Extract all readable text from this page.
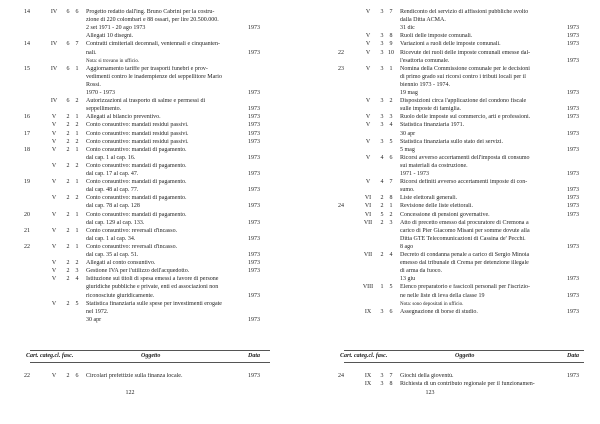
14	IV	6	6	Progetto redatto dall'ing. Bruno Cabrini per la costru-
zione di 220 colombari e 88 ossari, per lire 20.500.000.
2 set 1971 - 20 ago 1973	1973
Allegati 10 disegni.
14	IV	6	7	Contratti cimiteriali decennali, ventennali e cinquanten-
nali.	1973
Nota: si trovano in ufficio.
15	IV	6	1	Aggiornamento tariffe per trasporti funebri e prov-
vedimenti contro le inadempienze del seppellitore Mario
Rossi.
1970 - 1973	1973
IV	6	2	Autorizzazioni al trasporto di salme e permessi di
seppellimento.	1973
16	V	2	1	Allegati al bilancio preventivo.	1973
V	2	2	Conto consuntivo: mandati residui passivi.	1973
17	V	2	1	Conto consuntivo: mandati residui passivi.	1973
V	2	2	Conto consuntivo: mandati residui passivi.	1973
18	V	2	1	Conto consuntivo: mandati di pagamento.
dal cap. 1 al cap. 16.	1973
V	2	2	Conto consuntivo: mandati di pagamento.
dal cap. 17 al cap. 47.	1973
19	V	2	1	Conto consuntivo: mandati di pagamento.
dal cap. 48 al cap. 77.	1973
V	2	2	Conto consuntivo: mandati di pagamento.
dal cap. 78 al cap. 128	1973
20	V	2	1	Conto consuntivo: mandati di pagamento.
dal cap. 129 al cap. 133.	1973
21	V	2	1	Conto consuntivo: reversali d'incasso.
dal cap. 1 al cap. 34.	1973
22	V	2	1	Conto consuntivo: reversali d'incasso.
dal cap. 35 al cap. 51.	1973
V	2	2	Allegati al conto consuntivo.	1973
V	2	3	Gestione IVA per l'utilizzo dell'acquedotto.	1973
V	2	4	Istituzione sui titoli di spesa emessi a favore di persone
giuridiche pubbliche e private, enti ed associazioni non
riconosciute giuridicamente.	1973
V	2	5	Statistica finanziaria sulle spese per investimenti erogate
nel 1972.
30 apr	1973
Cart. categ.cl. fasc.	Oggetto	Data
22	V	2	6	Circolari prefettizie sulla finanza locale.	1973
122
V	3	7	Rendiconto del servizio di affissioni pubbliche svolto
dalla Ditta ACMA.
31 dic	1973
V	3	8	Ruoli delle imposte comunali.	1973
V	3	9	Variazioni a ruoli delle imposte comunali.	1973
22	V	3 10	Ricevute dei ruoli delle imposte comunali emesse dal-
l'esattoria comunale.	1973
23	V	3	1	Nomina della Commissione comunale per le decisioni
di primo grado sui ricorsi contro i tributi locali per il
biennio 1973 - 1974.
19 mag	1973
V	3	2	Disposizioni circa l'applicazione del condono fiscale
sulle imposte di famiglia.	1973
V	3	3	Ruolo delle imposte sul commercio, arti e professioni.	1973
V	3	4	Statistica finanziaria 1971.
30 apr	1973
V	3	5	Statistica finanziaria sullo stato dei servizi.
5 mag	1973
V	4	6	Ricorsi avverso accertamenti dell'imposta di consumo
sui materiali da costruzione.
1971 - 1973	1973
V	4	7	Ricorsi definiti avverso accertamenti imposte di con-
sumo.	1973
VI	2	8	Liste elettorali generali.	1973
24	VI	2	1	Revisione delle liste elettorali.	1973
VI	5	2	Concessione di pensioni governative.	1973
VII	2	3	Atto di precetto emesso dal procuratore di Cremona a
carico di Pier Giacomo Misani per somme dovute alla
Ditta GTE Telecomunicazioni di Cassina de' Pecchi.
8 ago	1973
VII	2	4	Decreto di condanna penale a carico di Sergio Minoia
emesso dal tribunale di Crema per detenzione illegale
di arma da fuoco.
13 giu	1973
VIII	1	5	Elenco preparatorio e fascicoli personali per l'iscrizio-
ne nelle liste di leva della classe 19	1973
Nota: sono depositati in ufficio.
IX	3	6	Assegnazione di borse di studio.	1973
Cart. categ.cl. fasc.	Oggetto	Data
24	IX	3	7	Giochi della gioventù.	1973
IX	3	8	Richiesta di un contributo regionale per il funzionamen-
123
